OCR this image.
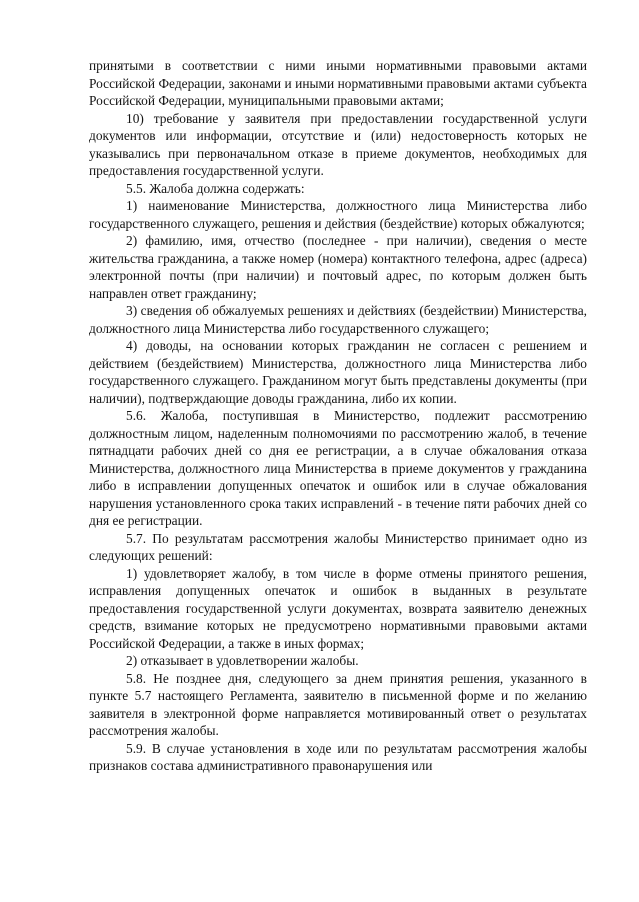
принятыми в соответствии с ними иными нормативными правовыми актами Российской Федерации, законами и иными нормативными правовыми актами субъекта Российской Федерации, муниципальными правовыми актами;

10) требование у заявителя при предоставлении государственной услуги документов или информации, отсутствие и (или) недостоверность которых не указывались при первоначальном отказе в приеме документов, необходимых для предоставления государственной услуги.

5.5. Жалоба должна содержать:

1) наименование Министерства, должностного лица Министерства либо государственного служащего, решения и действия (бездействие) которых обжалуются;

2) фамилию, имя, отчество (последнее - при наличии), сведения о месте жительства гражданина, а также номер (номера) контактного телефона, адрес (адреса) электронной почты (при наличии) и почтовый адрес, по которым должен быть направлен ответ гражданину;

3) сведения об обжалуемых решениях и действиях (бездействии) Министерства, должностного лица Министерства либо государственного служащего;

4) доводы, на основании которых гражданин не согласен с решением и действием (бездействием) Министерства, должностного лица Министерства либо государственного служащего. Гражданином могут быть представлены документы (при наличии), подтверждающие доводы гражданина, либо их копии.

5.6. Жалоба, поступившая в Министерство, подлежит рассмотрению должностным лицом, наделенным полномочиями по рассмотрению жалоб, в течение пятнадцати рабочих дней со дня ее регистрации, а в случае обжалования отказа Министерства, должностного лица Министерства в приеме документов у гражданина либо в исправлении допущенных опечаток и ошибок или в случае обжалования нарушения установленного срока таких исправлений - в течение пяти рабочих дней со дня ее регистрации.

5.7. По результатам рассмотрения жалобы Министерство принимает одно из следующих решений:

1) удовлетворяет жалобу, в том числе в форме отмены принятого решения, исправления допущенных опечаток и ошибок в выданных в результате предоставления государственной услуги документах, возврата заявителю денежных средств, взимание которых не предусмотрено нормативными правовыми актами Российской Федерации, а также в иных формах;

2) отказывает в удовлетворении жалобы.

5.8. Не позднее дня, следующего за днем принятия решения, указанного в пункте 5.7 настоящего Регламента, заявителю в письменной форме и по желанию заявителя в электронной форме направляется мотивированный ответ о результатах рассмотрения жалобы.

5.9. В случае установления в ходе или по результатам рассмотрения жалобы признаков состава административного правонарушения или
